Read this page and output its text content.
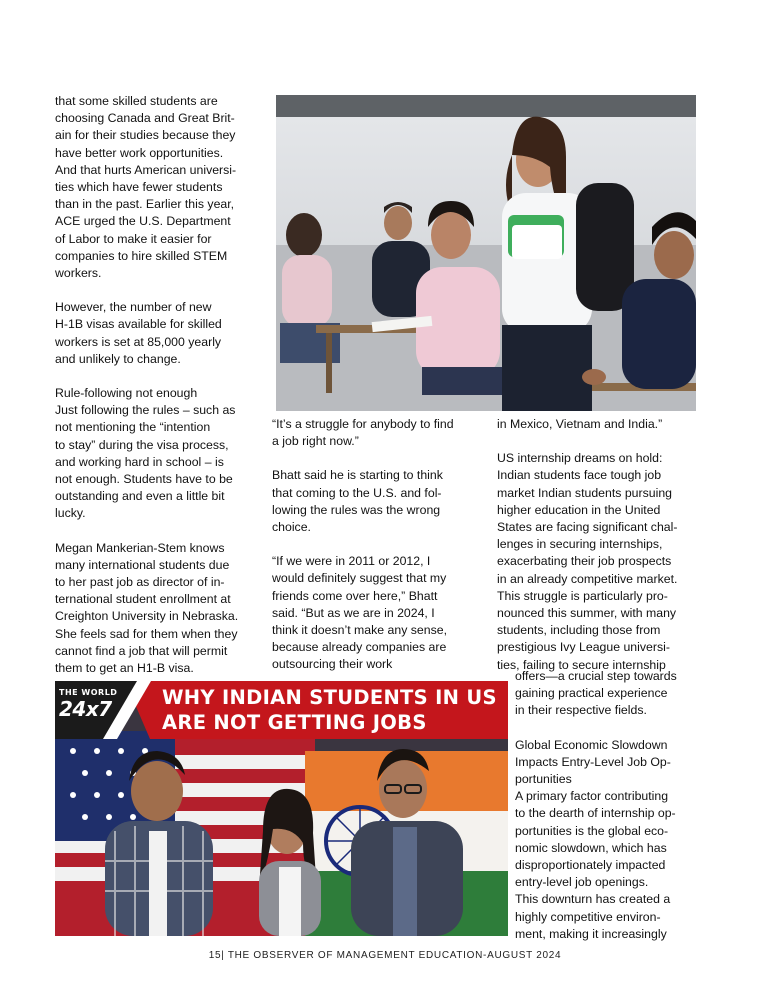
that some skilled students are

choosing Canada and Great Brit-

ain for their studies because they

have better work opportunities.

And that hurts American universi-

ties which have fewer students

than in the past. Earlier this year,

ACE urged the U.S. Department

of Labor to make it easier for

companies to hire skilled STEM

workers.

However, the number of new

H-1B visas available for skilled

workers is set at 85,000 yearly

and unlikely to change.

Rule-following not enough

Just following the rules – such as

not mentioning the “intention

to stay” during the visa process,

and working hard in school – is

not enough. Students have to be

outstanding and even a little bit

lucky.

Megan Mankerian-Stem knows

many international students due

to her past job as director of in-

ternational student enrollment at

Creighton University in Nebraska.

She feels sad for them when they

cannot find a job that will permit

them to get an H1-B visa.

“It’s a struggle for anybody to find

a job right now.”

Bhatt said he is starting to think

that coming to the U.S. and fol-

lowing the rules was the wrong

choice.

“If we were in 2011 or 2012, I

would definitely suggest that my

friends come over here,” Bhatt

said. “But as we are in 2024, I

think it doesn’t make any sense,

because already companies are

outsourcing their work

in Mexico, Vietnam and India.”

US internship dreams on hold:

Indian students face tough job

market Indian students pursuing

higher education in the United

States are facing significant chal-

lenges in securing internships,

exacerbating their job prospects

in an already competitive market.

This struggle is particularly pro-

nounced this summer, with many

students, including those from

prestigious Ivy League universi-

ties, failing to secure internship

offers—a crucial step towards

gaining practical experience

in their respective fields.

Global Economic Slowdown

Impacts Entry-Level Job Op-

portunities

A primary factor contributing

to the dearth of internship op-

portunities is the global eco-

nomic slowdown, which has

disproportionately impacted

entry-level job openings.

This downturn has created a

highly competitive environ-

ment, making it increasingly

THE WORLD
24x7	WHY INDIAN STUDENTS IN US
ARE NOT GETTING JOBS
15| THE OBSERVER OF MANAGEMENT EDUCATION-AUGUST 2024
